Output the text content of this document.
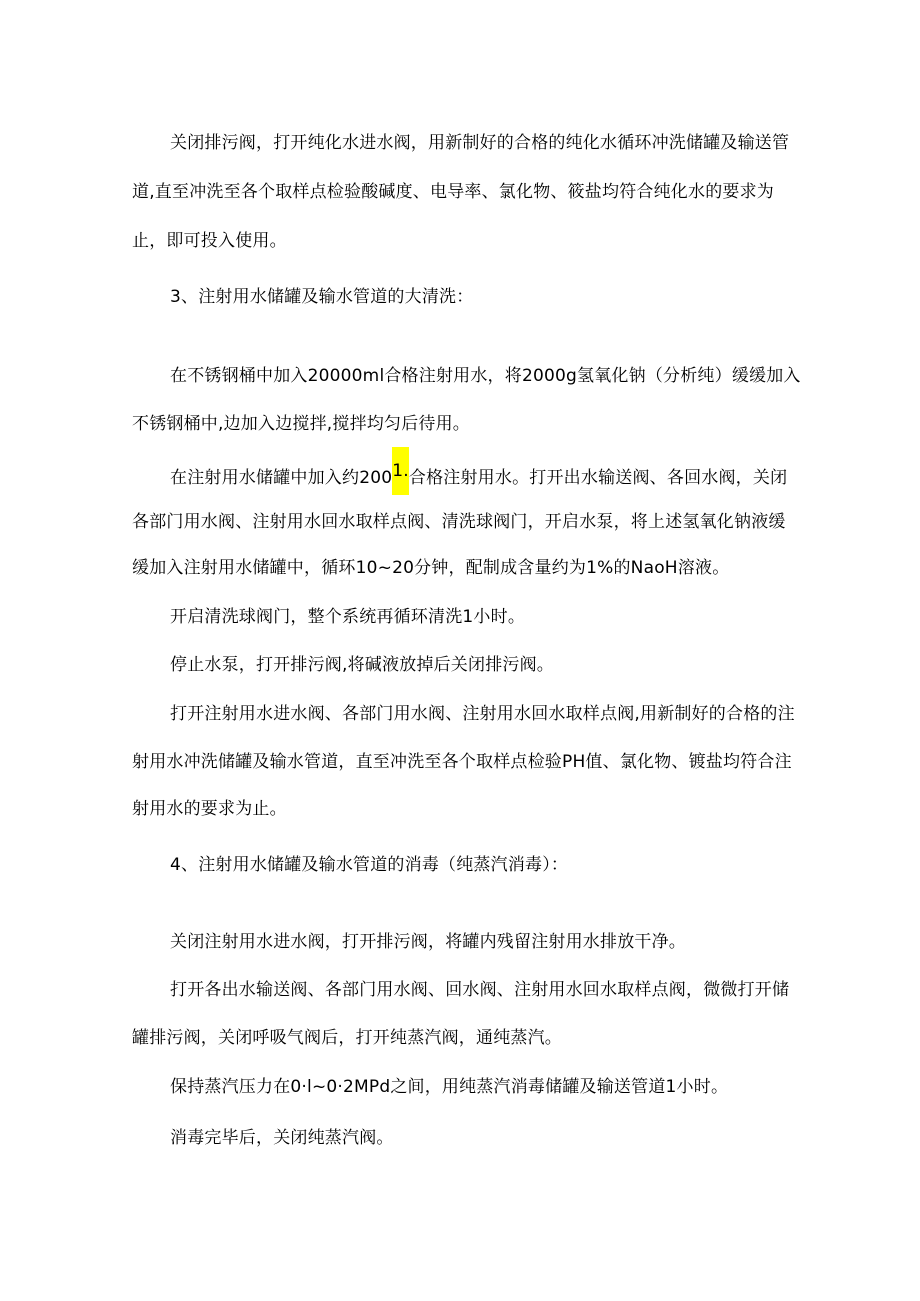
关闭排污阀，打开纯化水进水阀，用新制好的合格的纯化水循环冲洗储罐及输送管
道,直至冲洗至各个取样点检验酸碱度、电导率、氯化物、筱盐均符合纯化水的要求为
止，即可投入使用。
3、注射用水储罐及输水管道的大清洗：
在不锈钢桶中加入20000ml合格注射用水，将2000g氢氧化钠（分析纯）缓缓加入
不锈钢桶中,边加入边搅拌,搅拌均匀后待用。
在注射用水储罐中加入约2001.合格注射用水。打开出水输送阀、各回水阀，关闭
各部门用水阀、注射用水回水取样点阀、清洗球阀门，开启水泵，将上述氢氧化钠液缓
缓加入注射用水储罐中，循环10~20分钟，配制成含量约为1%的NaoH溶液。
开启清洗球阀门，整个系统再循环清洗1小时。
停止水泵，打开排污阀,将碱液放掉后关闭排污阀。
打开注射用水进水阀、各部门用水阀、注射用水回水取样点阀,用新制好的合格的注
射用水冲洗储罐及输水管道，直至冲洗至各个取样点检验PH值、氯化物、镀盐均符合注
射用水的要求为止。
4、注射用水储罐及输水管道的消毒（纯蒸汽消毒）：
关闭注射用水进水阀，打开排污阀，将罐内残留注射用水排放干净。
打开各出水输送阀、各部门用水阀、回水阀、注射用水回水取样点阀，微微打开储
罐排污阀，关闭呼吸气阀后，打开纯蒸汽阀，通纯蒸汽。
保持蒸汽压力在0·l~0·2MPd之间，用纯蒸汽消毒储罐及输送管道1小时。
消毒完毕后，关闭纯蒸汽阀。
